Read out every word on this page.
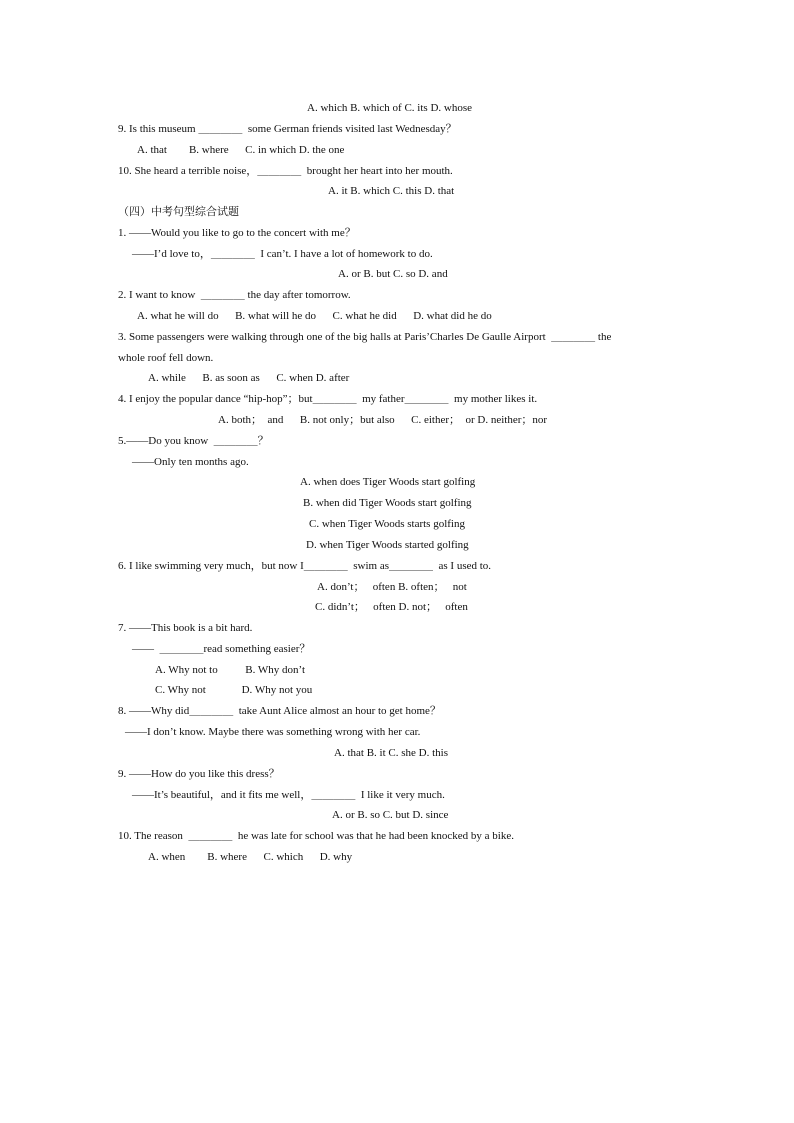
A. which B. which of C. its D. whose
9. Is this museum ＿＿＿＿  some German friends visited last Wednesday？
A. that        B. where      C. in which D. the one
10. She heard a terrible noise，＿＿＿＿  brought her heart into her mouth.
A. it B. which C. this D. that
（四）中考句型综合试题
1. ——Would you like to go to the concert with me？
——I’d love to，＿＿＿＿  I can’t. I have a lot of homework to do.
A. or B. but C. so D. and
2. I want to know  ＿＿＿＿ the day after tomorrow.
A. what he will do      B. what will he do      C. what he did      D. what did he do
3. Some passengers were walking through one of the big halls at Paris’Charles De Gaulle Airport  ＿＿＿＿ the
whole roof fell down.
A. while      B. as soon as      C. when D. after
4. I enjoy the popular dance “hip-hop”；but＿＿＿＿  my father＿＿＿＿  my mother likes it.
A. both；  and      B. not only；but also      C. either；  or D. neither；nor
5.——Do you know  ＿＿＿＿？
——Only ten months ago.
A. when does Tiger Woods start golfing
B. when did Tiger Woods start golfing
C. when Tiger Woods starts golfing
D. when Tiger Woods started golfing
6. I like swimming very much，but now I＿＿＿＿  swim as＿＿＿＿  as I used to.
A. don’t；   often B. often；   not
C. didn’t；   often D. not；   often
7. ——This book is a bit hard.
——  ＿＿＿＿read something easier？
A. Why not to          B. Why don’t
C. Why not             D. Why not you
8. ——Why did＿＿＿＿  take Aunt Alice almost an hour to get home？
——I don’t know. Maybe there was something wrong with her car.
A. that B. it C. she D. this
9. ——How do you like this dress？
——It’s beautiful，and it fits me well，＿＿＿＿  I like it very much.
A. or B. so C. but D. since
10. The reason  ＿＿＿＿  he was late for school was that he had been knocked by a bike.
A. when        B. where      C. which      D. why
